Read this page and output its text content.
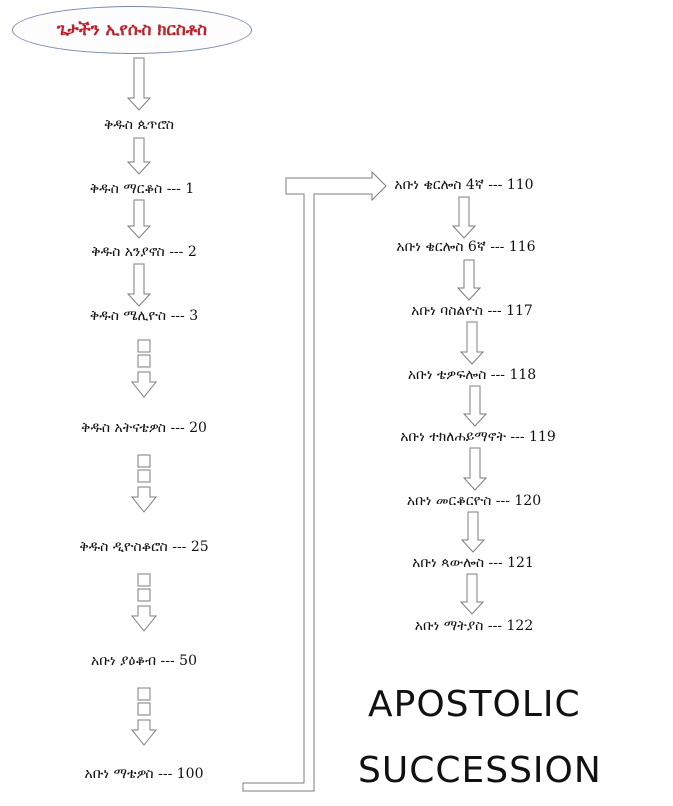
ጌታችን ኢየሱስ ክርስቶስ
ቅዱስ ጴጥሮስ
ቅዱስ ማርቆስ --- 1
ቅዱስ አንያኖስ --- 2
ቅዱስ ሜሊዮስ --- 3
ቅዱስ አትናቴዎስ --- 20
ቅዱስ ዲዮስቆሮስ --- 25
አቡነ ያዕቆብ --- 50
አቡነ ማቴዎስ --- 100
አቡነ ቄርሎስ 4ኛ --- 110
አቡነ ቄርሎስ 6ኛ --- 116
አቡነ ባስልዮስ --- 117
አቡነ ቴዎፍሎስ --- 118
አቡነ ተክለሐይማኖት --- 119
አቡነ መርቆርዮስ --- 120
አቡነ ጳውሎስ --- 121
አቡነ ማትያስ --- 122
APOSTOLIC
SUCCESSION
